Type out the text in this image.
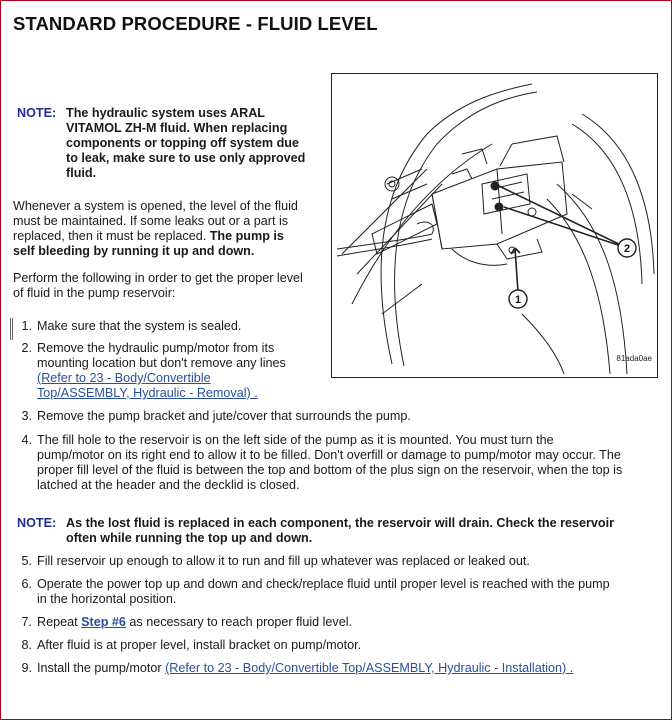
STANDARD PROCEDURE - FLUID LEVEL
NOTE: The hydraulic system uses ARAL
VITAMOL ZH-M fluid. When replacing
components or topping off system due
to leak, make sure to use only approved
fluid.
Whenever a system is opened, the level of the fluid
must be maintained. If some leaks out or a part is
replaced, then it must be replaced. The pump is
self bleeding by running it up and down.
Perform the following in order to get the proper level
of fluid in the pump reservoir:	1
2
81ada0ae
1. Make sure that the system is sealed.
2. Remove the hydraulic pump/motor from its
mounting location but don't remove any lines
(Refer to 23 - Body/Convertible
Top/ASSEMBLY, Hydraulic - Removal) .
3. Remove the pump bracket and jute/cover that surrounds the pump.
4. The fill hole to the reservoir is on the left side of the pump as it is mounted. You must turn the
pump/motor on its right end to allow it to be filled. Don't overfill or damage to pump/motor may occur. The
proper fill level of the fluid is between the top and bottom of the plus sign on the reservoir, when the top is
latched at the header and the decklid is closed.
NOTE: As the lost fluid is replaced in each component, the reservoir will drain. Check the reservoir
often while running the top up and down.
5. Fill reservoir up enough to allow it to run and fill up whatever was replaced or leaked out.
6. Operate the power top up and down and check/replace fluid until proper level is reached with the pump
in the horizontal position.
7. Repeat Step #6 as necessary to reach proper fluid level.
8. After fluid is at proper level, install bracket on pump/motor.
9. Install the pump/motor (Refer to 23 - Body/Convertible Top/ASSEMBLY, Hydraulic - Installation) .
